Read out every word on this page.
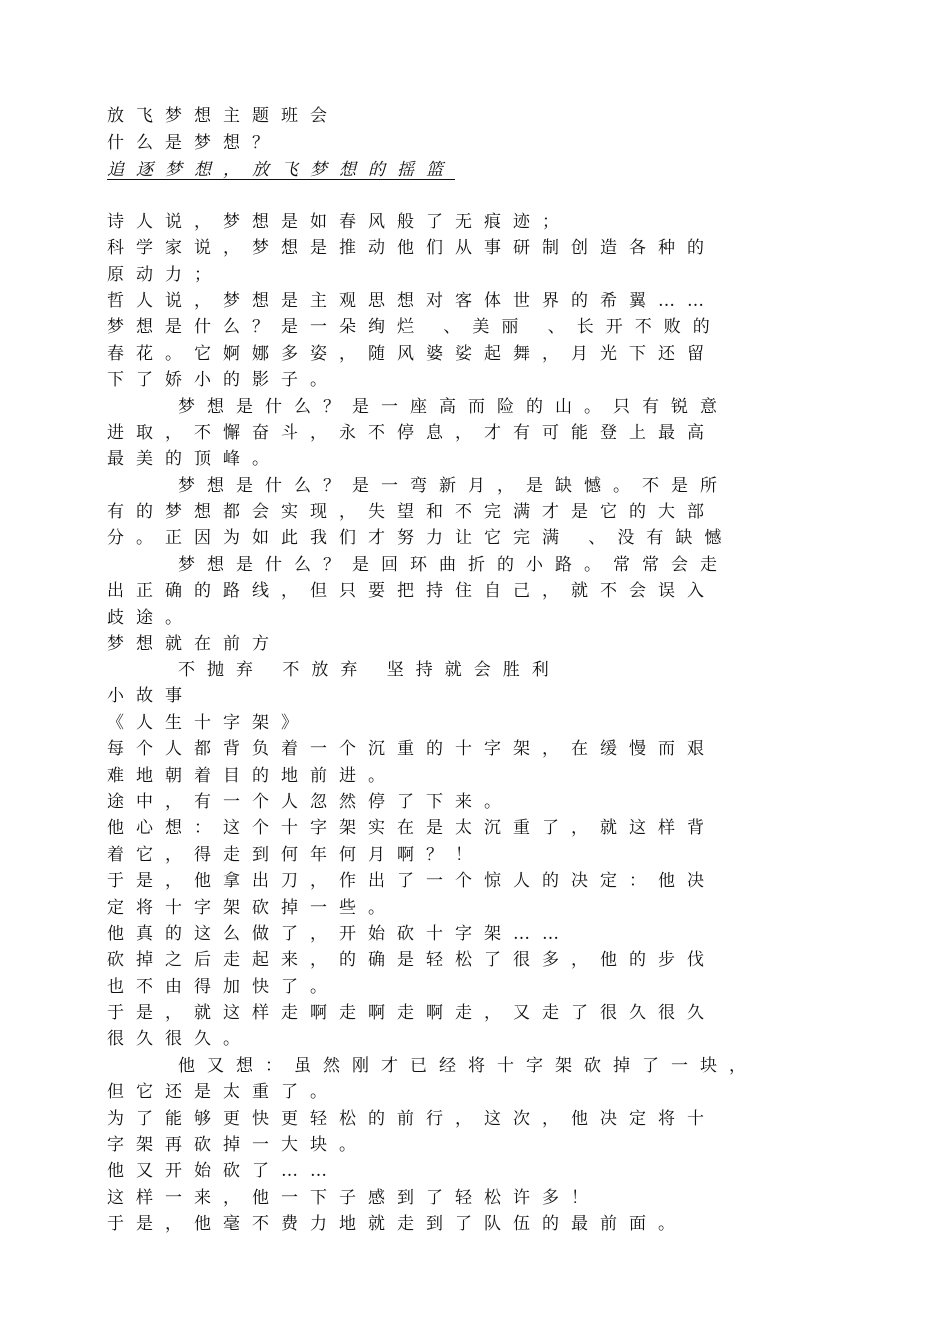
放飞梦想主题班会
什么是梦想？
追逐梦想，放飞梦想的摇篮
诗人说，梦想是如春风般了无痕迹；
科学家说，梦想是推动他们从事研制创造各种的
原动力；
哲人说，梦想是主观思想对客体世界的希翼……
梦想是什么？是一朵绚烂 、美丽 、长开不败的
春花。它婀娜多姿，随风婆娑起舞，月光下还留
下了娇小的影子。
梦想是什么？是一座高而险的山。只有锐意
进取，不懈奋斗，永不停息，才有可能登上最高
最美的顶峰。
梦想是什么？是一弯新月，是缺憾。不是所
有的梦想都会实现，失望和不完满才是它的大部
分。正因为如此我们才努力让它完满 、没有缺憾
梦想是什么？是回环曲折的小路。常常会走
出正确的路线，但只要把持住自己，就不会误入
歧途。
梦想就在前方
不抛弃 不放弃 坚持就会胜利
小故事
《人生十字架》
每个人都背负着一个沉重的十字架，在缓慢而艰
难地朝着目的地前进。
途中，有一个人忽然停了下来。
他心想：这个十字架实在是太沉重了，就这样背
着它，得走到何年何月啊？！
于是，他拿出刀，作出了一个惊人的决定：他决
定将十字架砍掉一些。
他真的这么做了，开始砍十字架……
砍掉之后走起来，的确是轻松了很多，他的步伐
也不由得加快了。
于是，就这样走啊走啊走啊走，又走了很久很久
很久很久。
他又想：虽然刚才已经将十字架砍掉了一块，
但它还是太重了。
为了能够更快更轻松的前行，这次，他决定将十
字架再砍掉一大块。
他又开始砍了……
这样一来，他一下子感到了轻松许多！
于是，他毫不费力地就走到了队伍的最前面。
